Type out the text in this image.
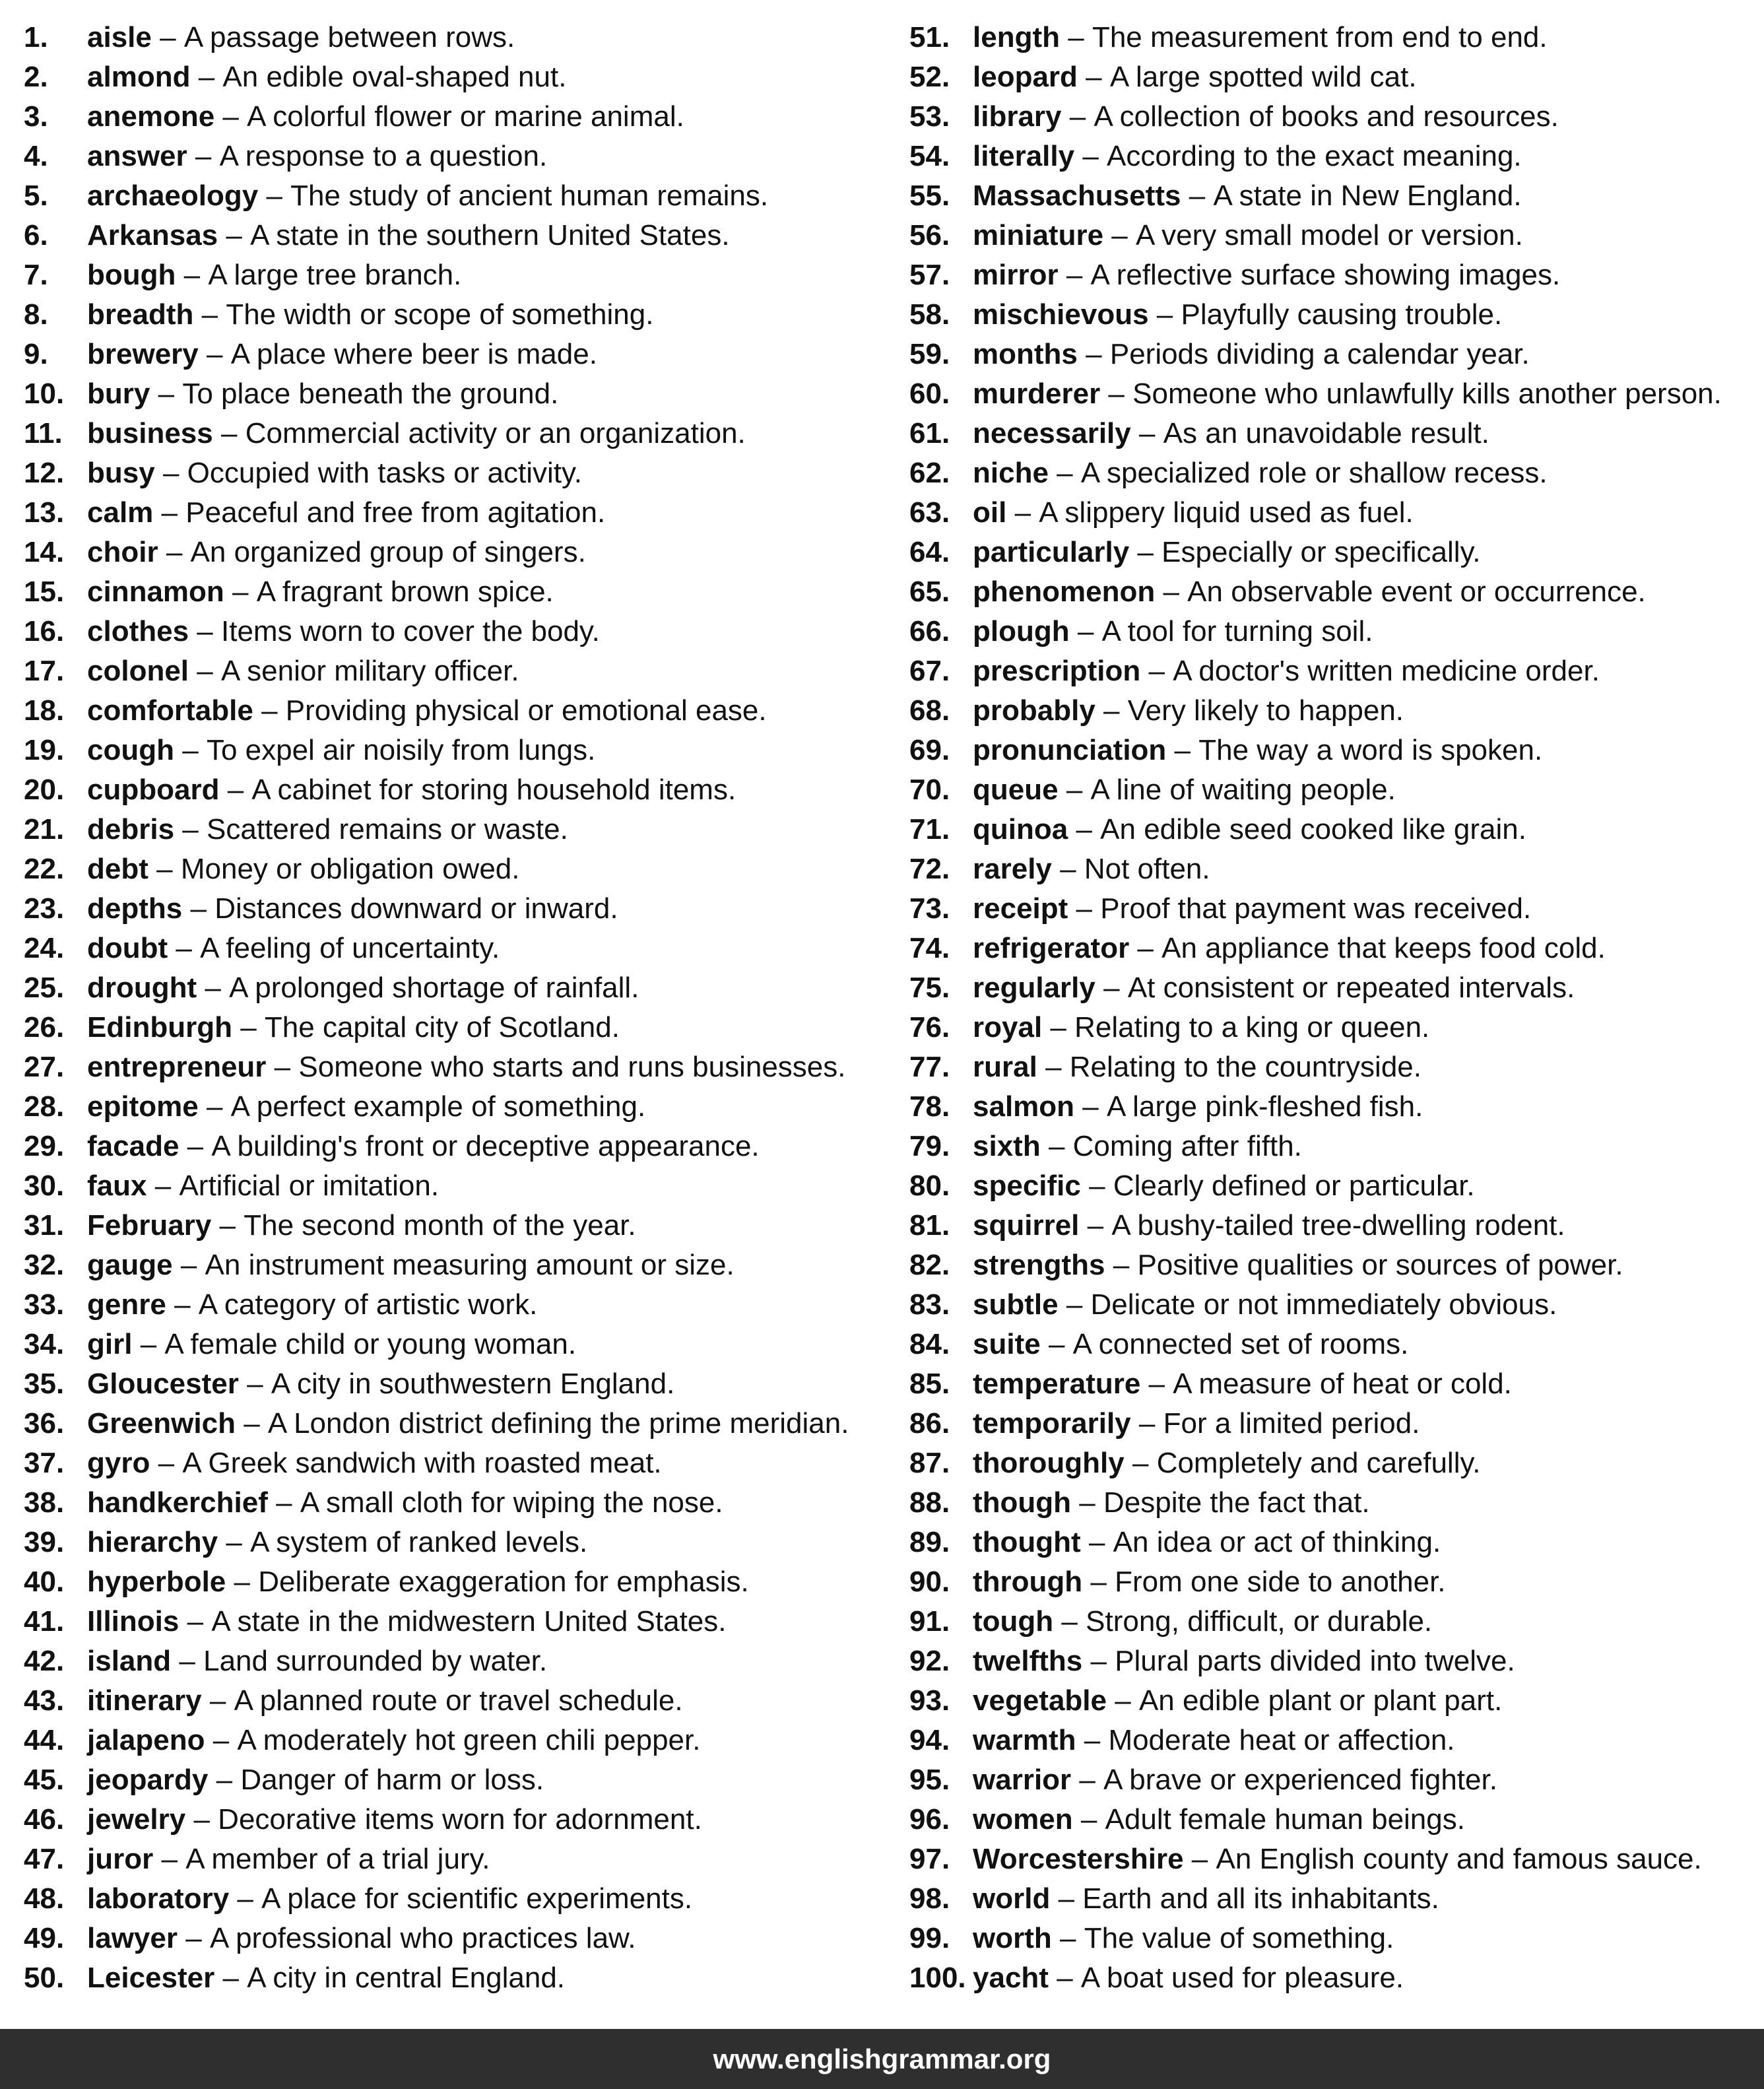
1.	aisle – A passage between rows.
2.	almond – An edible oval-shaped nut.
3.	anemone – A colorful flower or marine animal.
4.	answer – A response to a question.
5.	archaeology – The study of ancient human remains.
6.	Arkansas – A state in the southern United States.
7.	bough – A large tree branch.
8.	breadth – The width or scope of something.
9.	brewery – A place where beer is made.
10. bury – To place beneath the ground.
11. business – Commercial activity or an organization.
12. busy – Occupied with tasks or activity.
13. calm – Peaceful and free from agitation.
14. choir – An organized group of singers.
15. cinnamon – A fragrant brown spice.
16. clothes – Items worn to cover the body.
17. colonel – A senior military officer.
18. comfortable – Providing physical or emotional ease.
19. cough – To expel air noisily from lungs.
20. cupboard – A cabinet for storing household items.
21. debris – Scattered remains or waste.
22. debt – Money or obligation owed.
23. depths – Distances downward or inward.
24. doubt – A feeling of uncertainty.
25. drought – A prolonged shortage of rainfall.
26. Edinburgh – The capital city of Scotland.
27. entrepreneur – Someone who starts and runs businesses.
28. epitome – A perfect example of something.
29. facade – A building's front or deceptive appearance.
30. faux – Artificial or imitation.
31. February – The second month of the year.
32. gauge – An instrument measuring amount or size.
33. genre – A category of artistic work.
34. girl – A female child or young woman.
35. Gloucester – A city in southwestern England.
36. Greenwich – A London district defining the prime meridian.
37. gyro – A Greek sandwich with roasted meat.
38. handkerchief – A small cloth for wiping the nose.
39. hierarchy – A system of ranked levels.
40. hyperbole – Deliberate exaggeration for emphasis.
41. Illinois – A state in the midwestern United States.
42. island – Land surrounded by water.
43. itinerary – A planned route or travel schedule.
44. jalapeno – A moderately hot green chili pepper.
45. jeopardy – Danger of harm or loss.
46. jewelry – Decorative items worn for adornment.
47. juror – A member of a trial jury.
48. laboratory – A place for scientific experiments.
49. lawyer – A professional who practices law.
50. Leicester – A city in central England.
51. length – The measurement from end to end.
52. leopard – A large spotted wild cat.
53. library – A collection of books and resources.
54. literally – According to the exact meaning.
55. Massachusetts – A state in New England.
56. miniature – A very small model or version.
57. mirror – A reflective surface showing images.
58. mischievous – Playfully causing trouble.
59. months – Periods dividing a calendar year.
60. murderer – Someone who unlawfully kills another person.
61. necessarily – As an unavoidable result.
62. niche – A specialized role or shallow recess.
63. oil – A slippery liquid used as fuel.
64. particularly – Especially or specifically.
65. phenomenon – An observable event or occurrence.
66. plough – A tool for turning soil.
67. prescription – A doctor's written medicine order.
68. probably – Very likely to happen.
69. pronunciation – The way a word is spoken.
70. queue – A line of waiting people.
71. quinoa – An edible seed cooked like grain.
72. rarely – Not often.
73. receipt – Proof that payment was received.
74. refrigerator – An appliance that keeps food cold.
75. regularly – At consistent or repeated intervals.
76. royal – Relating to a king or queen.
77. rural – Relating to the countryside.
78. salmon – A large pink-fleshed fish.
79. sixth – Coming after fifth.
80. specific – Clearly defined or particular.
81. squirrel – A bushy-tailed tree-dwelling rodent.
82. strengths – Positive qualities or sources of power.
83. subtle – Delicate or not immediately obvious.
84. suite – A connected set of rooms.
85. temperature – A measure of heat or cold.
86. temporarily – For a limited period.
87. thoroughly – Completely and carefully.
88. though – Despite the fact that.
89. thought – An idea or act of thinking.
90. through – From one side to another.
91. tough – Strong, difficult, or durable.
92. twelfths – Plural parts divided into twelve.
93. vegetable – An edible plant or plant part.
94. warmth – Moderate heat or affection.
95. warrior – A brave or experienced fighter.
96. women – Adult female human beings.
97. Worcestershire – An English county and famous sauce.
98. world – Earth and all its inhabitants.
99. worth – The value of something.
100. yacht – A boat used for pleasure.
www.englishgrammar.org
